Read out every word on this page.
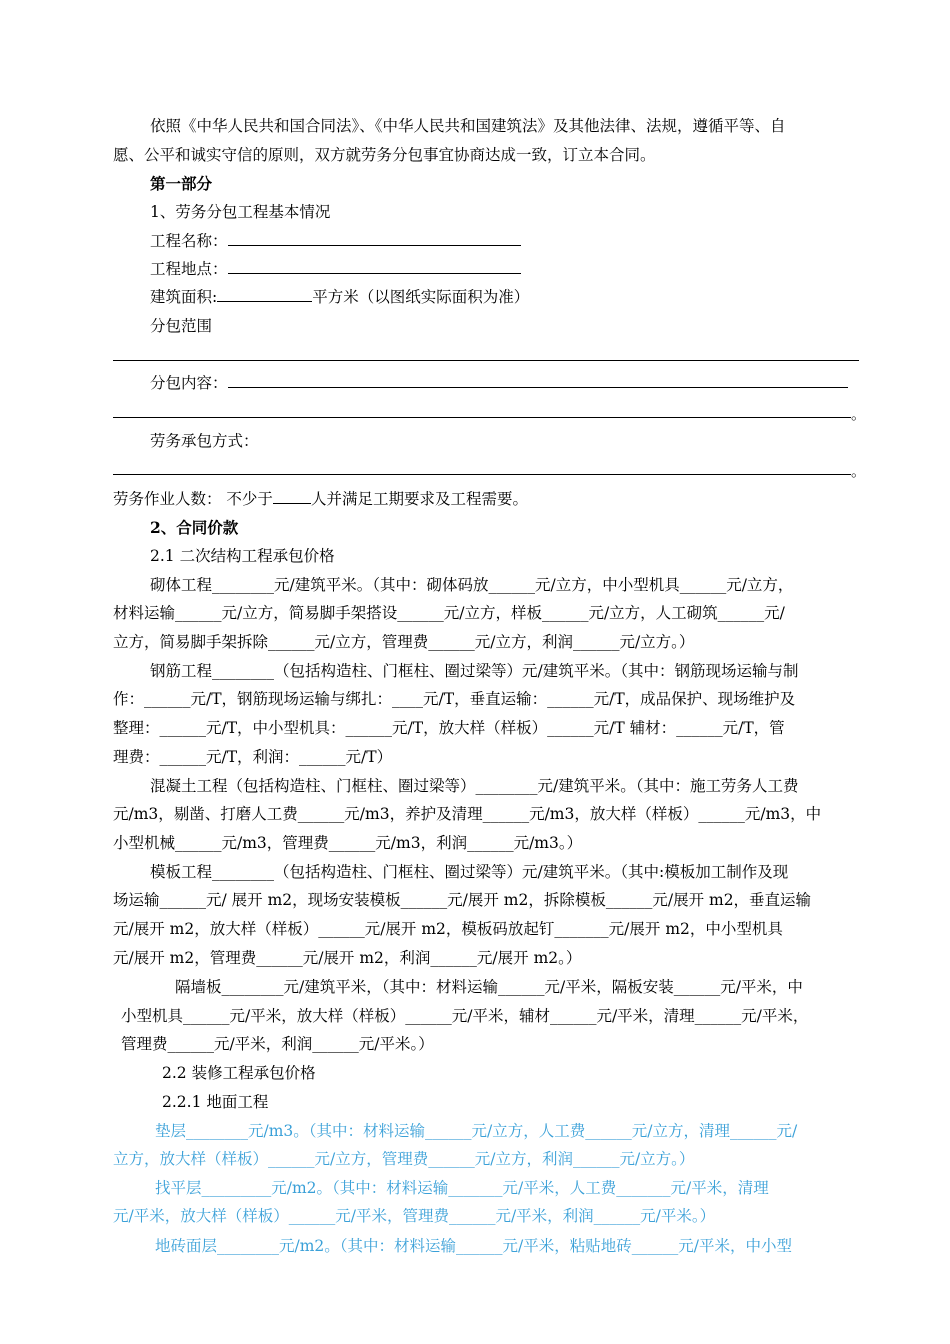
依照《中华人民共和国合同法》、《中华人民共和国建筑法》及其他法律、法规，遵循平等、自
愿、公平和诚实守信的原则，双方就劳务分包事宜协商达成一致，订立本合同。
第一部分
1、劳务分包工程基本情况
工程名称：
工程地点：
建筑面积:	平方米（以图纸实际面积为准）
分包范围
分包内容：
。
劳务承包方式：
。
劳务作业人数： 不少于 人并满足工期要求及工程需要。
2、合同价款
2.1 二次结构工程承包价格
砌体工程________元/建筑平米。（其中：砌体码放______元/立方，中小型机具______元/立方，
材料运输______元/立方，简易脚手架搭设______元/立方，样板______元/立方，人工砌筑______元/
立方，简易脚手架拆除______元/立方，管理费______元/立方，利润______元/立方。）
钢筋工程________（包括构造柱、门框柱、圈过梁等）元/建筑平米。（其中：钢筋现场运输与制
作：______元/T，钢筋现场运输与绑扎：____元/T，垂直运输：______元/T，成品保护、现场维护及
整理：______元/T，中小型机具：______元/T，放大样（样板）______元/T 辅材：______元/T，管
理费：______元/T，利润：______元/T）
混凝土工程（包括构造柱、门框柱、圈过梁等）________元/建筑平米。（其中：施工劳务人工费
元/m3，剔凿、打磨人工费______元/m3，养护及清理______元/m3，放大样（样板）______元/m3，中
小型机械______元/m3，管理费______元/m3，利润______元/m3。）
模板工程________（包括构造柱、门框柱、圈过梁等）元/建筑平米。（其中:模板加工制作及现
场运输______元/ 展开 m2，现场安装模板______元/展开 m2，拆除模板______元/展开 m2，垂直运输
元/展开 m2，放大样（样板）______元/展开 m2，模板码放起钉_______元/展开 m2，中小型机具
元/展开 m2，管理费______元/展开 m2，利润______元/展开 m2。）
隔墙板________元/建筑平米，（其中：材料运输______元/平米，隔板安装______元/平米，中
小型机具______元/平米，放大样（样板）______元/平米，辅材______元/平米，清理______元/平米，
管理费______元/平米，利润______元/平米。）
2.2 装修工程承包价格
2.2.1 地面工程
垫层________元/m3。（其中：材料运输______元/立方，人工费______元/立方，清理______元/
立方，放大样（样板）______元/立方，管理费______元/立方，利润______元/立方。）
找平层_________元/m2。（其中：材料运输_______元/平米，人工费_______元/平米，清理
元/平米，放大样（样板）______元/平米，管理费______元/平米，利润______元/平米。）
地砖面层________元/m2。（其中：材料运输______元/平米，粘贴地砖______元/平米，中小型
